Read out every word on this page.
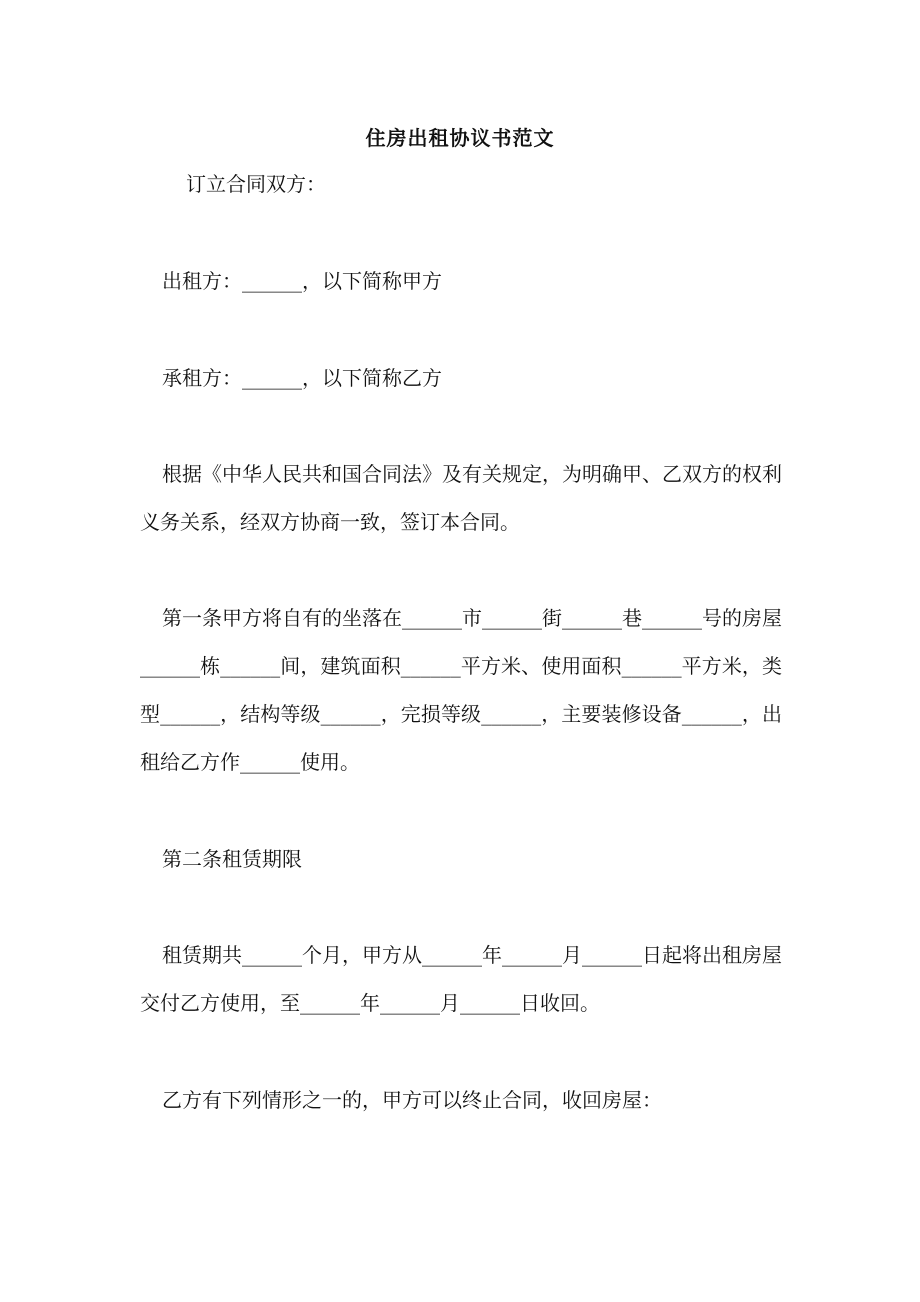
住房出租协议书范文

订立合同双方：

出租方：______，以下简称甲方

承租方：______，以下简称乙方

根据《中华人民共和国合同法》及有关规定，为明确甲、乙双方的权利义务关系，经双方协商一致，签订本合同。

第一条甲方将自有的坐落在______市______街______巷______号的房屋______栋______间，建筑面积______平方米、使用面积______平方米，类型______，结构等级______，完损等级______，主要装修设备______，出租给乙方作______使用。

第二条租赁期限

租赁期共______个月，甲方从______年______月______日起将出租房屋交付乙方使用，至______年______月______日收回。

乙方有下列情形之一的，甲方可以终止合同，收回房屋：
